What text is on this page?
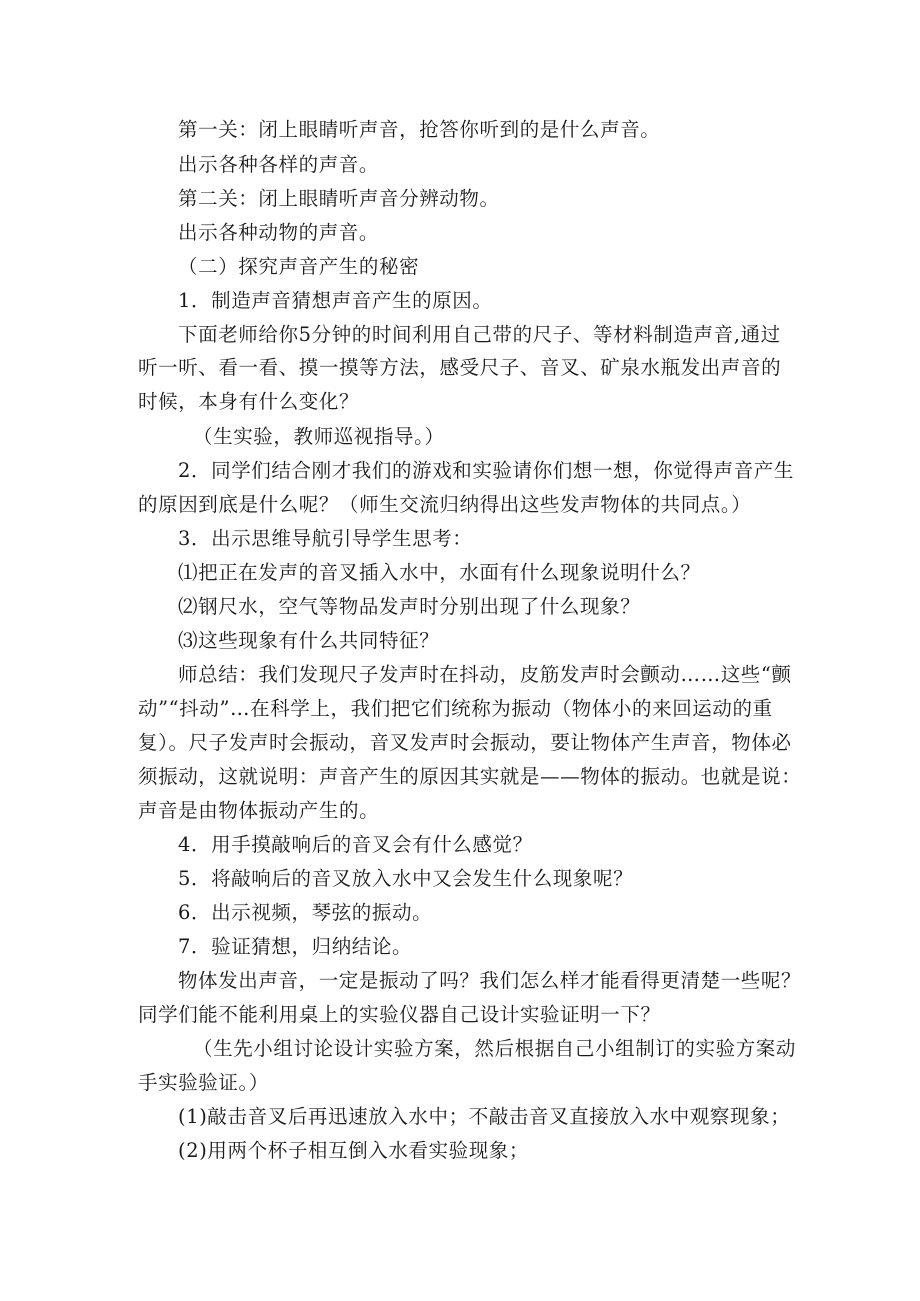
第一关：闭上眼睛听声音，抢答你听到的是什么声音。
出示各种各样的声音。
第二关：闭上眼睛听声音分辨动物。
出示各种动物的声音。
（二）探究声音产生的秘密
1．制造声音猜想声音产生的原因。
下面老师给你5分钟的时间利用自己带的尺子、等材料制造声音,通过
听一听、看一看、摸一摸等方法，感受尺子、音叉、矿泉水瓶发出声音的
时候，本身有什么变化？
（生实验，教师巡视指导。）
2．同学们结合刚才我们的游戏和实验请你们想一想，你觉得声音产生
的原因到底是什么呢？（师生交流归纳得出这些发声物体的共同点。）
3．出示思维导航引导学生思考：
⑴把正在发声的音叉插入水中，水面有什么现象说明什么？
⑵钢尺水，空气等物品发声时分别出现了什么现象？
⑶这些现象有什么共同特征？
师总结：我们发现尺子发声时在抖动，皮筋发声时会颤动……这些“颤
动”“抖动”…在科学上，我们把它们统称为振动（物体小的来回运动的重
复）。尺子发声时会振动，音叉发声时会振动，要让物体产生声音，物体必
须振动，这就说明：声音产生的原因其实就是——物体的振动。也就是说：
声音是由物体振动产生的。
4．用手摸敲响后的音叉会有什么感觉？
5．将敲响后的音叉放入水中又会发生什么现象呢？
6．出示视频，琴弦的振动。
7．验证猜想，归纳结论。
物体发出声音，一定是振动了吗？我们怎么样才能看得更清楚一些呢？
同学们能不能利用桌上的实验仪器自己设计实验证明一下？
（生先小组讨论设计实验方案，然后根据自己小组制订的实验方案动
手实验验证。）
(1)敲击音叉后再迅速放入水中；不敲击音叉直接放入水中观察现象；
(2)用两个杯子相互倒入水看实验现象；
